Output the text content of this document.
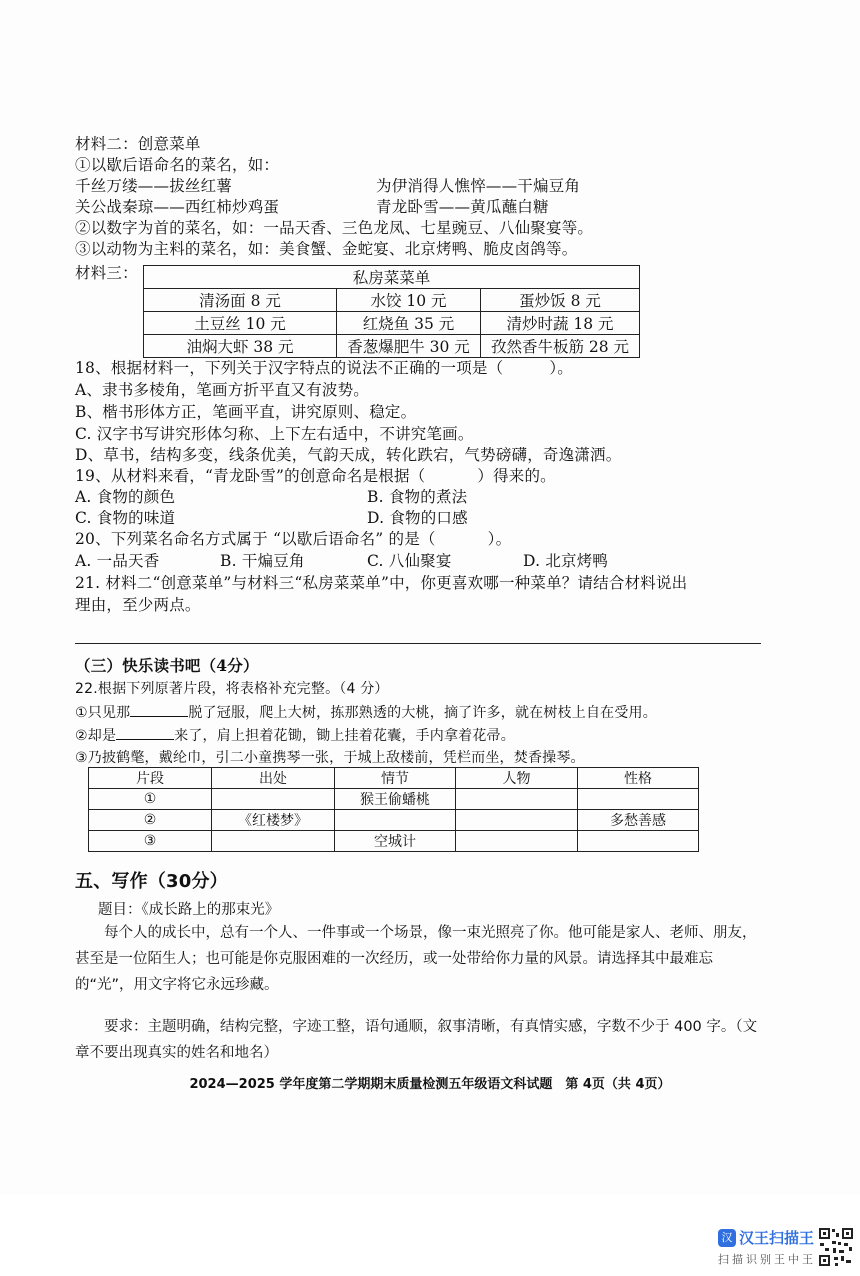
材料二：创意菜单
①以歇后语命名的菜名，如：
千丝万缕——拔丝红薯	为伊消得人憔悴——干煸豆角
关公战秦琼——西红柿炒鸡蛋	青龙卧雪——黄瓜蘸白糖
②以数字为首的菜名，如：一品天香、三色龙凤、七星豌豆、八仙聚宴等。
③以动物为主料的菜名，如：美食蟹、金蛇宴、北京烤鸭、脆皮卤鸽等。
材料三：	私房菜菜单		
清汤面 8 元	水饺 10 元	蛋炒饭 8 元
土豆丝 10 元	红烧鱼 35 元	清炒时蔬 18 元
油焖大虾 38 元	香葱爆肥牛 30 元	孜然香牛板筋 28 元
18、根据材料一，下列关于汉字特点的说法不正确的一项是（	）。
A、隶书多棱角，笔画方折平直又有波势。
B、楷书形体方正，笔画平直，讲究原则、稳定。
C. 汉字书写讲究形体匀称、上下左右适中，不讲究笔画。
D、草书，结构多变，线条优美，气韵天成，转化跌宕，气势磅礴，奇逸潇洒。
19、从材料来看，“青龙卧雪”的创意命名是根据（	）得来的。
A. 食物的颜色	B. 食物的煮法
C. 食物的味道	D. 食物的口感
20、下列菜名命名方式属于 “以歇后语命名” 的是（	）。
A. 一品天香	B. 干煸豆角	C. 八仙聚宴	D. 北京烤鸭
21. 材料二“创意菜单”与材料三“私房菜菜单”中，你更喜欢哪一种菜单？请结合材料说出
理由，至少两点。
（三）快乐读书吧（4分）
22.根据下列原著片段，将表格补充完整。（4 分）
①只见那	脱了冠服，爬上大树，拣那熟透的大桃，摘了许多，就在树枝上自在受用。
②却是	来了，肩上担着花锄，锄上挂着花囊，手内拿着花帚。
③乃披鹤氅，戴纶巾，引二小童携琴一张，于城上敌楼前，凭栏而坐，焚香操琴。
片段	出处	情节	人物	性格
①		猴王偷蟠桃		
②	《红楼梦》			多愁善感
③		空城计		
五、写作（30分）
题目：《成长路上的那束光》
每个人的成长中，总有一个人、一件事或一个场景，像一束光照亮了你。他可能是家人、老师、朋友，甚至是一位陌生人；也可能是你克服困难的一次经历，或一处带给你力量的风景。请选择其中最难忘的“光”，用文字将它永远珍藏。
要求：主题明确，结构完整，字迹工整，语句通顺，叙事清晰，有真情实感，字数不少于 400 字。（文章不要出现真实的姓名和地名）
2024—2025 学年度第二学期期末质量检测五年级语文科试题　第 4页（共 4页）
汉 汉王扫描王
扫描识别王中王
